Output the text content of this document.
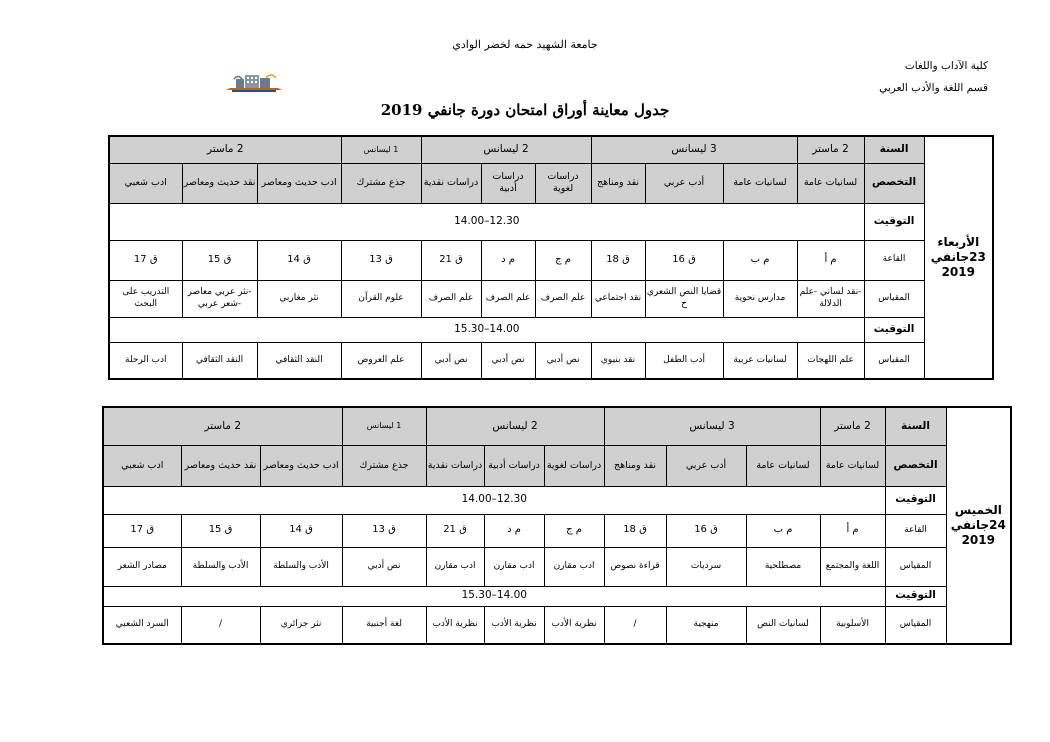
جامعة الشهيد حمه لخضر الوادي
كلية الآداب واللغات
قسم اللغة والأدب العربي
جدول معاينة أوراق امتحان دورة جانفي 2019
الأربعاء
23جانفي
2019	السنة	2 ماستر	3 ليسانس			2 ليسانس			1 ليسانس	2 ماستر		
	التخصص	لسانيات عامة	لسانيات عامة	أدب عربي	نقد ومناهج	دراسات لغوية	دراسات أدبية	دراسات نقدية	جذع مشترك	ادب حديث ومعاصر	نقد حديث ومعاصر	ادب شعبي
	التوقيت	12.30–14.00										
	القاعة	م أ	م ب	ق 16	ق 18	م ج	م د	ق 21	ق 13	ق 14	ق 15	ق 17
	المقياس	-نقد لساني -علم الدلالة	مدارس نحوية	قضايا النص الشعري ح	نقد اجتماعي	علم الصرف	علم الصرف	علم الصرف	علوم القرآن	نثر مغاربي	-نثر عربي معاصر -شعر عربي	التدريب على البحث
	التوقيت	14.00–15.30										
	المقياس	علم اللهجات	لسانيات عربية	أدب الطفل	نقد بنيوي	نص أدبي	نص أدبي	نص أدبي	علم العروض	النقد الثقافي	النقد الثقافي	ادب الرحلة
الخميس
24جانفي
2019	السنة	2 ماستر	3 ليسانس			2 ليسانس			1 ليسانس	2 ماستر		
	التخصص	لسانيات عامة	لسانيات عامة	أدب عربي	نقد ومناهج	دراسات لغوية	دراسات أدبية	دراسات نقدية	جذع مشترك	ادب حديث ومعاصر	نقد حديث ومعاصر	ادب شعبي
	التوقيت	12.30–14.00										
	القاعة	م أ	م ب	ق 16	ق 18	م ج	م د	ق 21	ق 13	ق 14	ق 15	ق 17
	المقياس	اللغة والمجتمع	مصطلحية	سرديات	قراءة نصوص	ادب مقارن	ادب مقارن	ادب مقارن	نص أدبي	الأدب والسلطة	الأدب والسلطة	مصادر الشعر
	التوقيت	14.00–15.30										
	المقياس	الأسلوبية	لسانيات النص	منهجية	/	نظرية الأدب	نظرية الأدب	نظرية الأدب	لغة أجنبية	نثر جزائري	/	السرد الشعبي
